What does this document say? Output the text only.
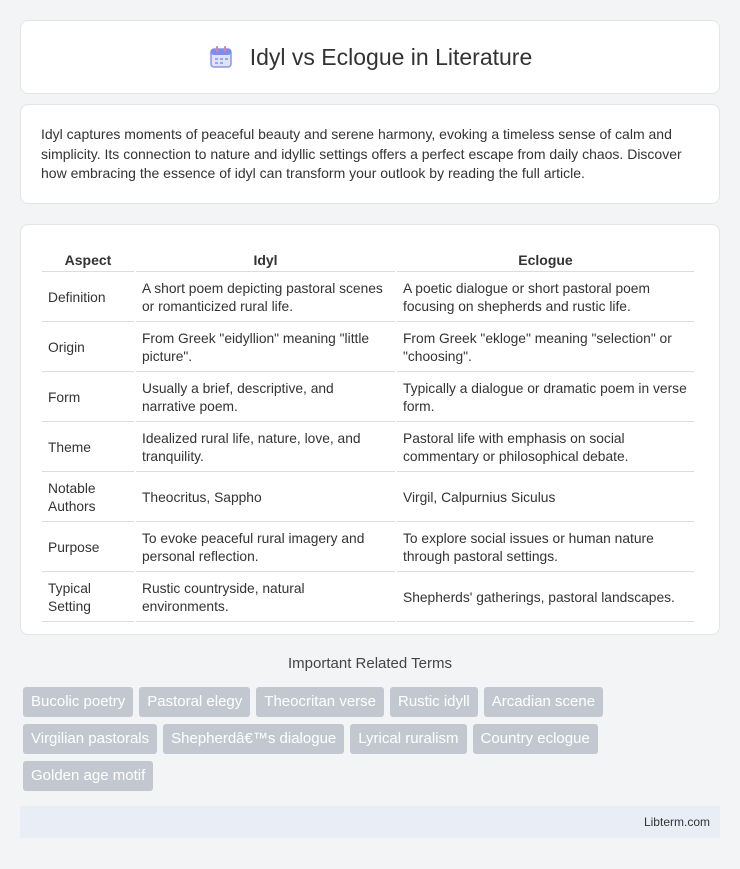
Idyl vs Eclogue in Literature

Idyl captures moments of peaceful beauty and serene harmony, evoking a timeless sense of calm and simplicity. Its connection to nature and idyllic settings offers a perfect escape from daily chaos. Discover how embracing the essence of idyl can transform your outlook by reading the full article.

Aspect	Idyl	Eclogue
Definition	A short poem depicting pastoral scenes or romanticized rural life.	A poetic dialogue or short pastoral poem focusing on shepherds and rustic life.
Origin	From Greek "eidyllion" meaning "little picture".	From Greek "ekloge" meaning "selection" or "choosing".
Form	Usually a brief, descriptive, and narrative poem.	Typically a dialogue or dramatic poem in verse form.
Theme	Idealized rural life, nature, love, and tranquility.	Pastoral life with emphasis on social commentary or philosophical debate.
Notable Authors	Theocritus, Sappho	Virgil, Calpurnius Siculus
Purpose	To evoke peaceful rural imagery and personal reflection.	To explore social issues or human nature through pastoral settings.
Typical Setting	Rustic countryside, natural environments.	Shepherds' gatherings, pastoral landscapes.
Important Related Terms
Bucolic poetry	Pastoral elegy	Theocritan verse	Rustic idyll	Arcadian scene
Virgilian pastorals	Shepherdâ€™s dialogue	Lyrical ruralism	Country eclogue
Golden age motif
Libterm.com
